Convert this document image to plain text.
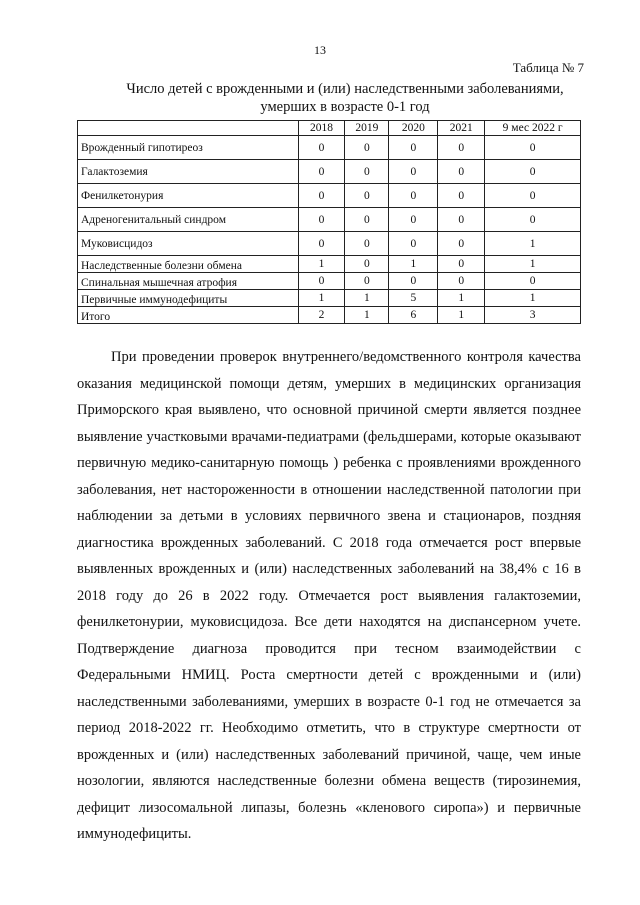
13
Таблица № 7
Число детей с врожденными и (или) наследственными заболеваниями,
умерших в возрасте 0-1 год
	2018	2019	2020	2021	9 мес 2022 г
Врожденный гипотиреоз	0	0	0	0	0
Галактоземия	0	0	0	0	0
Фенилкетонурия	0	0	0	0	0
Адреногенитальный синдром	0	0	0	0	0
Муковисцидоз	0	0	0	0	1
Наследственные болезни обмена	1	0	1	0	1
Спинальная мышечная атрофия	0	0	0	0	0
Первичные иммунодефициты	1	1	5	1	1
Итого	2	1	6	1	3

При проведении проверок внутреннего/ведомственного контроля качества оказания медицинской помощи детям, умерших в медицинских организация Приморского края выявлено, что основной причиной смерти является позднее выявление участковыми врачами-педиатрами (фельдшерами, которые оказывают первичную медико-санитарную помощь ) ребенка с проявлениями врожденного заболевания, нет настороженности в отношении наследственной патологии при наблюдении за детьми в условиях первичного звена и стационаров, поздняя диагностика врожденных заболеваний. С 2018 года отмечается рост впервые выявленных врожденных и (или) наследственных заболеваний на 38,4% с 16 в 2018 году до 26 в 2022 году. Отмечается рост выявления галактоземии, фенилкетонурии, муковисцидоза. Все дети находятся на диспансерном учете. Подтверждение диагноза проводится при тесном взаимодействии с Федеральными НМИЦ. Роста смертности детей с врожденными и (или) наследственными заболеваниями, умерших в возрасте 0-1 год не отмечается за период 2018-2022 гг. Необходимо отметить, что в структуре смертности от врожденных и (или) наследственных заболеваний причиной, чаще, чем иные нозологии, являются наследственные болезни обмена веществ (тирозинемия, дефицит лизосомальной липазы, болезнь «кленового сиропа») и первичные иммунодефициты.
